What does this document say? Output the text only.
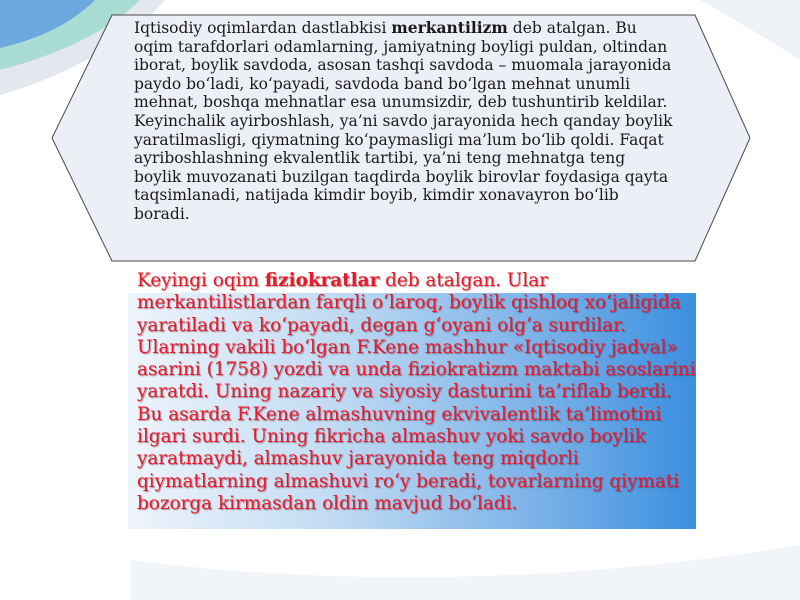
Iqtisodiy oqimlardan dastlabkisi merkantilizm deb atalgan. Bu oqim tarafdorlari odamlarning, jamiyatning boyligi puldan, oltindan iborat, boylik savdoda, asosan tashqi savdoda – muomala jarayonida paydo bo‘ladi, ko‘payadi, savdoda band bo‘lgan mehnat unumli mehnat, boshqa mehnatlar esa unumsizdir, deb tushuntirib keldilar. Keyinchalik ayirboshlash, ya’ni savdo jarayonida hech qanday boylik yaratilmasligi, qiymatning ko‘paymasligi ma’lum bo‘lib qoldi. Faqat ayriboshlashning ekvalentlik tartibi, ya’ni teng mehnatga teng boylik muvozanati buzilgan taqdirda boylik birovlar foydasiga qayta taqsimlanadi, natijada kimdir boyib, kimdir xonavayron bo‘lib boradi.

Keyingi oqim fiziokratlar deb atalgan. Ular merkantilistlardan farqli o‘laroq, boylik qishloq xo‘jaligida yaratiladi va ko‘payadi, degan g‘oyani olg‘a surdilar. Ularning vakili bo‘lgan F.Kene mashhur «Iqtisodiy jadval» asarini (1758) yozdi va unda fiziokratizm maktabi asoslarini yaratdi. Uning nazariy va siyosiy dasturini ta’riflab berdi. Bu asarda F.Kene almashuvning ekvivalentlik ta’limotini ilgari surdi. Uning fikricha almashuv yoki savdo boylik yaratmaydi, almashuv jarayonida teng miqdorli qiymatlarning almashuvi ro‘y beradi, tovarlarning qiymati bozorga kirmasdan oldin mavjud bo‘ladi.
